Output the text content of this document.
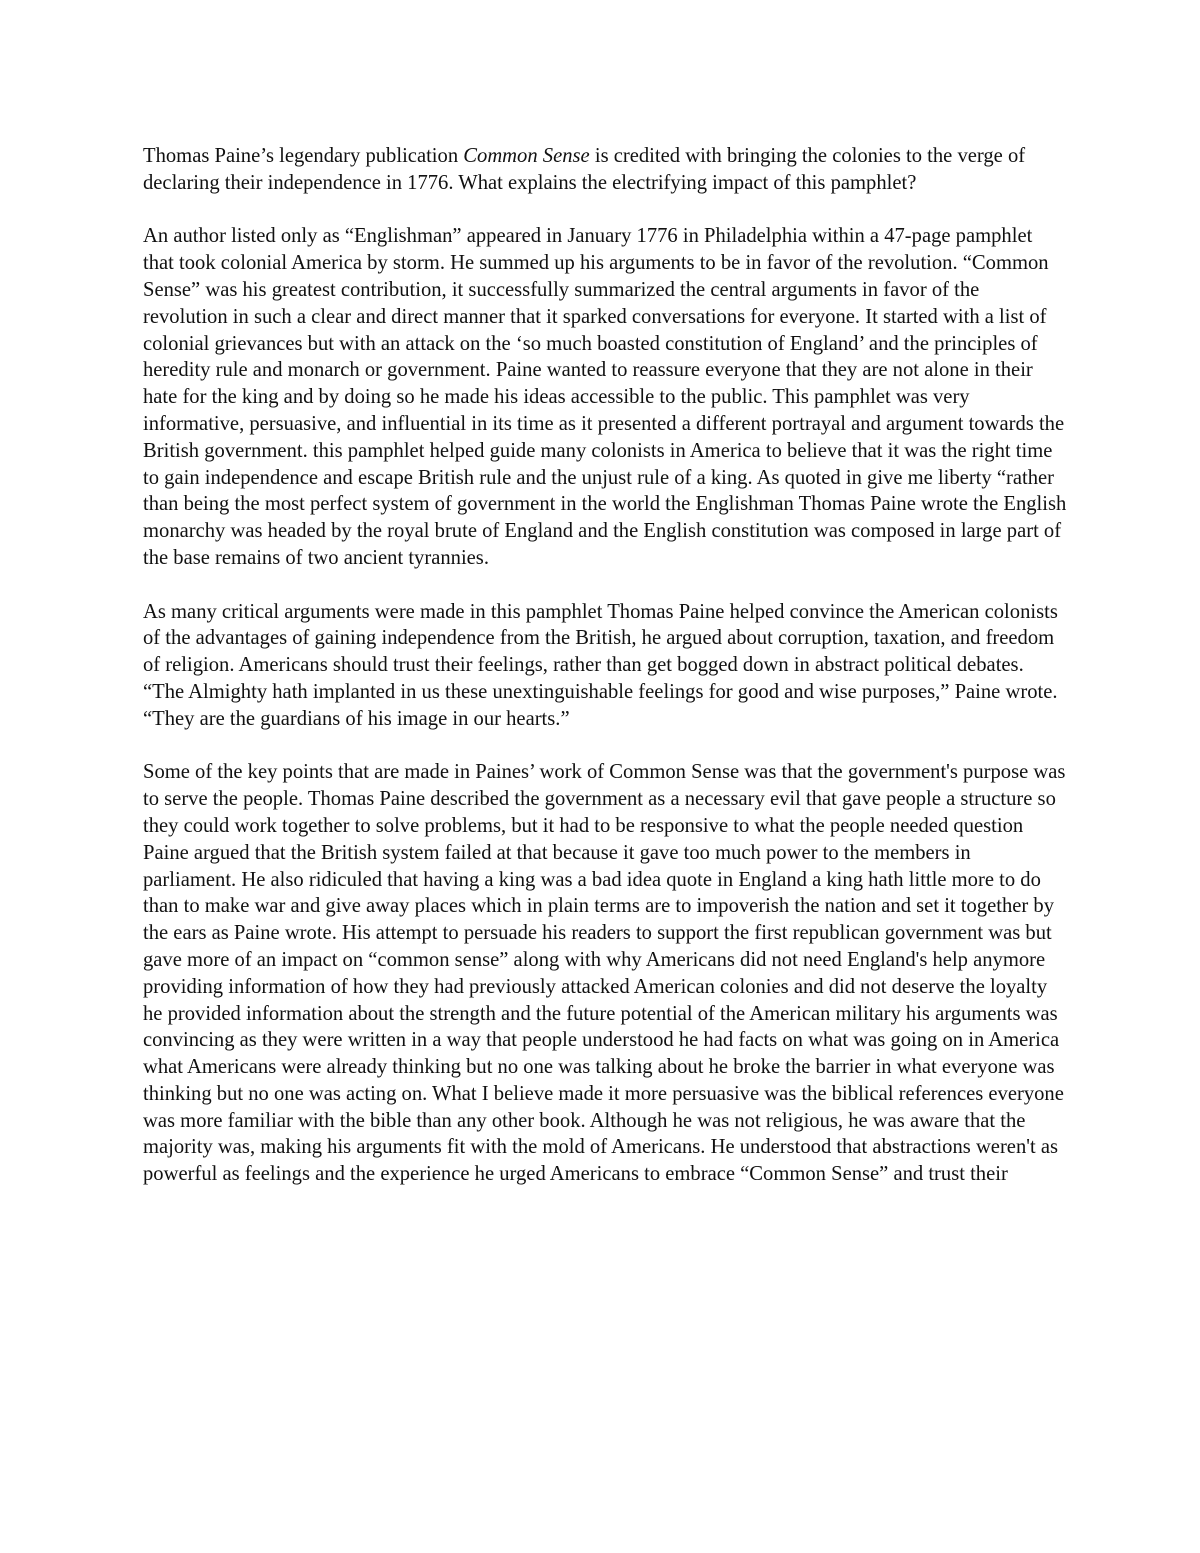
Thomas Paine’s legendary publication Common Sense is credited with bringing the colonies to the verge of declaring their independence in 1776. What explains the electrifying impact of this pamphlet?

An author listed only as “Englishman” appeared in January 1776 in Philadelphia within a 47-page pamphlet that took colonial America by storm. He summed up his arguments to be in favor of the revolution. “Common Sense” was his greatest contribution, it successfully summarized the central arguments in favor of the revolution in such a clear and direct manner that it sparked conversations for everyone. It started with a list of colonial grievances but with an attack on the ‘so much boasted constitution of England’ and the principles of heredity rule and monarch or government. Paine wanted to reassure everyone that they are not alone in their hate for the king and by doing so he made his ideas accessible to the public. This pamphlet was very informative, persuasive, and influential in its time as it presented a different portrayal and argument towards the British government. this pamphlet helped guide many colonists in America to believe that it was the right time to gain independence and escape British rule and the unjust rule of a king. As quoted in give me liberty “rather than being the most perfect system of government in the world the Englishman Thomas Paine wrote the English monarchy was headed by the royal brute of England and the English constitution was composed in large part of the base remains of two ancient tyrannies.

As many critical arguments were made in this pamphlet Thomas Paine helped convince the American colonists of the advantages of gaining independence from the British, he argued about corruption, taxation, and freedom of religion. Americans should trust their feelings, rather than get bogged down in abstract political debates. “The Almighty hath implanted in us these unextinguishable feelings for good and wise purposes,” Paine wrote. “They are the guardians of his image in our hearts.”

Some of the key points that are made in Paines’ work of Common Sense was that the government's purpose was to serve the people. Thomas Paine described the government as a necessary evil that gave people a structure so they could work together to solve problems, but it had to be responsive to what the people needed question Paine argued that the British system failed at that because it gave too much power to the members in parliament. He also ridiculed that having a king was a bad idea quote in England a king hath little more to do than to make war and give away places which in plain terms are to impoverish the nation and set it together by the ears as Paine wrote. His attempt to persuade his readers to support the first republican government was but gave more of an impact on “common sense” along with why Americans did not need England's help anymore providing information of how they had previously attacked American colonies and did not deserve the loyalty he provided information about the strength and the future potential of the American military his arguments was convincing as they were written in a way that people understood he had facts on what was going on in America what Americans were already thinking but no one was talking about he broke the barrier in what everyone was thinking but no one was acting on. What I believe made it more persuasive was the biblical references everyone was more familiar with the bible than any other book. Although he was not religious, he was aware that the majority was, making his arguments fit with the mold of Americans. He understood that abstractions weren't as powerful as feelings and the experience he urged Americans to embrace “Common Sense” and trust their
